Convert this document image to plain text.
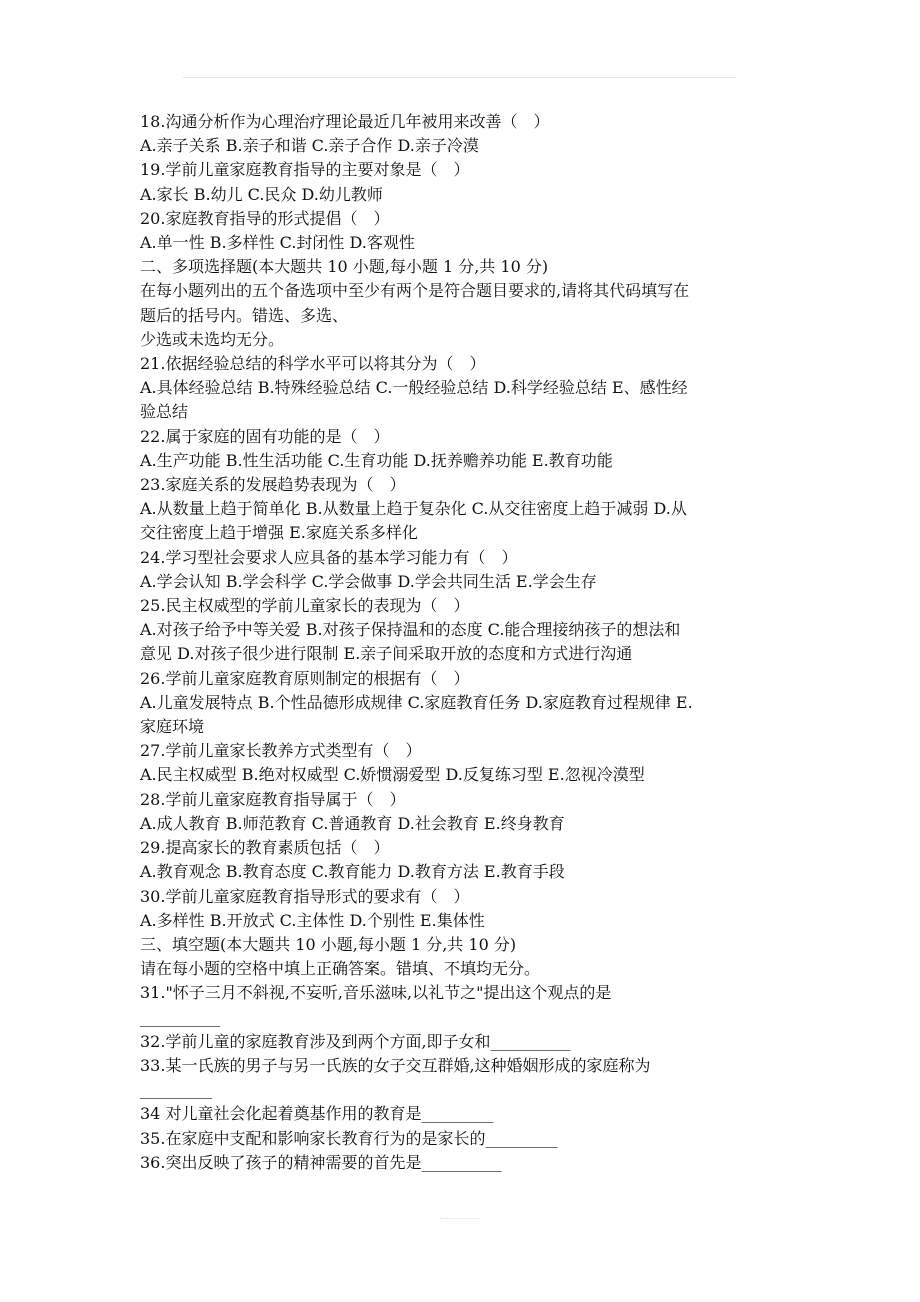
18.沟通分析作为心理治疗理论最近几年被用来改善（　）
A.亲子关系 B.亲子和谐 C.亲子合作 D.亲子冷漠
19.学前儿童家庭教育指导的主要对象是（　）
A.家长 B.幼儿 C.民众 D.幼儿教师
20.家庭教育指导的形式提倡（　）
A.单一性 B.多样性 C.封闭性 D.客观性
二、多项选择题(本大题共 10 小题,每小题 1 分,共 10 分)
在每小题列出的五个备选项中至少有两个是符合题目要求的,请将其代码填写在
题后的括号内。错选、多选、
少选或未选均无分。
21.依据经验总结的科学水平可以将其分为（　）
A.具体经验总结 B.特殊经验总结 C.一般经验总结 D.科学经验总结 E、感性经
验总结
22.属于家庭的固有功能的是（　）
A.生产功能 B.性生活功能 C.生育功能 D.抚养赡养功能 E.教育功能
23.家庭关系的发展趋势表现为（　）
A.从数量上趋于简单化 B.从数量上趋于复杂化 C.从交往密度上趋于减弱 D.从
交往密度上趋于增强 E.家庭关系多样化
24.学习型社会要求人应具备的基本学习能力有（　）
A.学会认知 B.学会科学 C.学会做事 D.学会共同生活 E.学会生存
25.民主权威型的学前儿童家长的表现为（　）
A.对孩子给予中等关爱 B.对孩子保持温和的态度 C.能合理接纳孩子的想法和
意见 D.对孩子很少进行限制 E.亲子间采取开放的态度和方式进行沟通
26.学前儿童家庭教育原则制定的根据有（　）
A.儿童发展特点 B.个性品德形成规律 C.家庭教育任务 D.家庭教育过程规律 E.
家庭环境
27.学前儿童家长教养方式类型有（　）
A.民主权威型 B.绝对权威型 C.娇惯溺爱型 D.反复练习型 E.忽视冷漠型
28.学前儿童家庭教育指导属于（　）
A.成人教育 B.师范教育 C.普通教育 D.社会教育 E.终身教育
29.提高家长的教育素质包括（　）
A.教育观念 B.教育态度 C.教育能力 D.教育方法 E.教育手段
30.学前儿童家庭教育指导形式的要求有（　）
A.多样性 B.开放式 C.主体性 D.个别性 E.集体性
三、填空题(本大题共 10 小题,每小题 1 分,共 10 分)
请在每小题的空格中填上正确答案。错填、不填均无分。
31."怀子三月不斜视,不妄听,音乐滋味,以礼节之"提出这个观点的是
__________
32.学前儿童的家庭教育涉及到两个方面,即子女和__________
33.某一氏族的男子与另一氏族的女子交互群婚,这种婚姻形成的家庭称为
_________
34 对儿童社会化起着奠基作用的教育是_________
35.在家庭中支配和影响家长教育行为的是家长的_________
36.突出反映了孩子的精神需要的首先是__________
